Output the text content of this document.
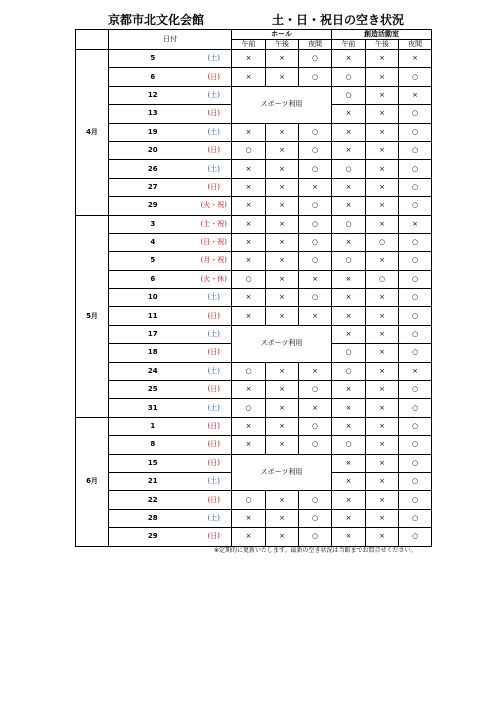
京都市北文化会館	土・日・祝日の空き状況
	日付		ホール			創造活動室			
			午前	午後	夜間	午前	午後	夜間	
4月	5	(土)	×	×	○	×	×	×	
	6	(日)	×	×	○	○	×	○	
	12	(土)	スポーツ利用			○	×	×	
	13	(日)				×	×	○	
	19	(土)	×	×	○	×	×	○	
	20	(日)	○	×	○	×	×	○	
	26	(土)	×	×	○	○	×	○	
	27	(日)	×	×	×	×	×	○	
	29	(火・祝)	×	×	○	×	×	○	
5月	3	(土・祝)	×	×	○	○	×	×	
	4	(日・祝)	×	×	○	×	○	○	
	5	(月・祝)	×	×	○	○	×	○	
	6	(火・休)	○	×	×	×	○	○	
	10	(土)	×	×	○	×	×	○	
	11	(日)	×	×	×	×	×	○	
	17	(土)	スポーツ利用			×	×	○	
	18	(日)				○	×	○	
	24	(土)	○	×	×	○	×	×	
	25	(日)	×	×	○	×	×	○	
	31	(土)	○	×	×	×	×	○	
6月	1	(日)	×	×	○	×	×	○	
	8	(日)	×	×	○	○	×	○	
	15	(日)	スポーツ利用			×	×	○	
	21	(土)				×	×	○			
	22	(日)	○	×	○	×	×	○	
	28	(土)	×	×	○	×	×	○	
	29	(日)	×	×	○	×	×	○	
※定期的に更新いたします。最新の空き状況は当館までお問合せください。
